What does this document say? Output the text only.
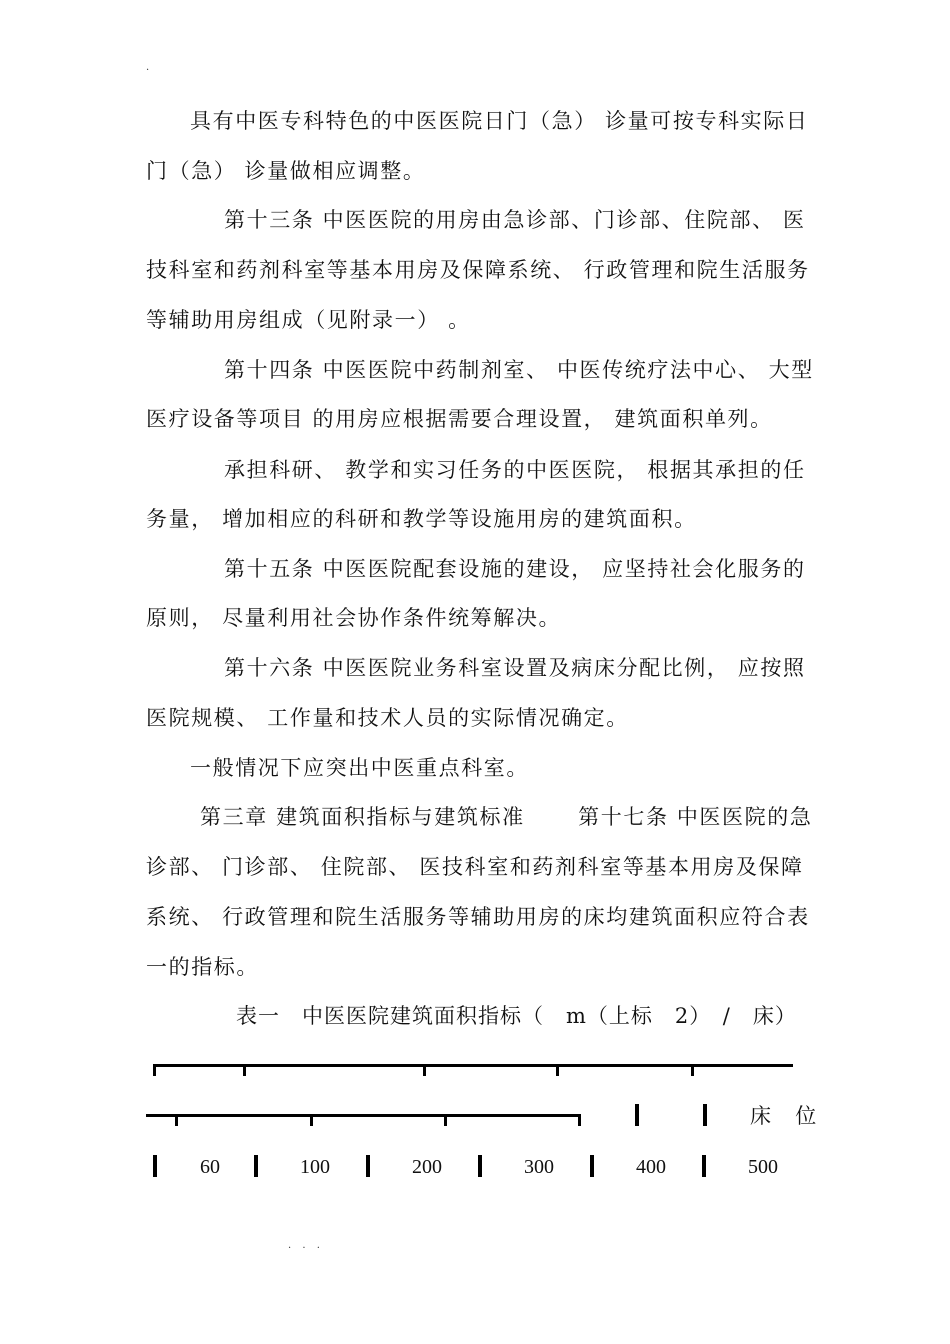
.
具有中医专科特色的中医医院日门（急） 诊量可按专科实际日
门（急） 诊量做相应调整。
第十三条 中医医院的用房由急诊部、门诊部、住院部、 医
技科室和药剂科室等基本用房及保障系统、 行政管理和院生活服务
等辅助用房组成（见附录一） 。
第十四条 中医医院中药制剂室、 中医传统疗法中心、 大型
医疗设备等项目 的用房应根据需要合理设置， 建筑面积单列。
承担科研、 教学和实习任务的中医医院， 根据其承担的任
务量， 增加相应的科研和教学等设施用房的建筑面积。
第十五条 中医医院配套设施的建设， 应坚持社会化服务的
原则， 尽量利用社会协作条件统筹解决。
第十六条 中医医院业务科室设置及病床分配比例， 应按照
医院规模、 工作量和技术人员的实际情况确定。
一般情况下应突出中医重点科室。
第三章 建筑面积指标与建筑标准　　 第十七条 中医医院的急
诊部、 门诊部、 住院部、 医技科室和药剂科室等基本用房及保障
系统、 行政管理和院生活服务等辅助用房的床均建筑面积应符合表
一的指标。
表一　中医医院建筑面积指标（　m（上标　2）　/　床）
床　位
60	100	200	300	400	500
. . .
